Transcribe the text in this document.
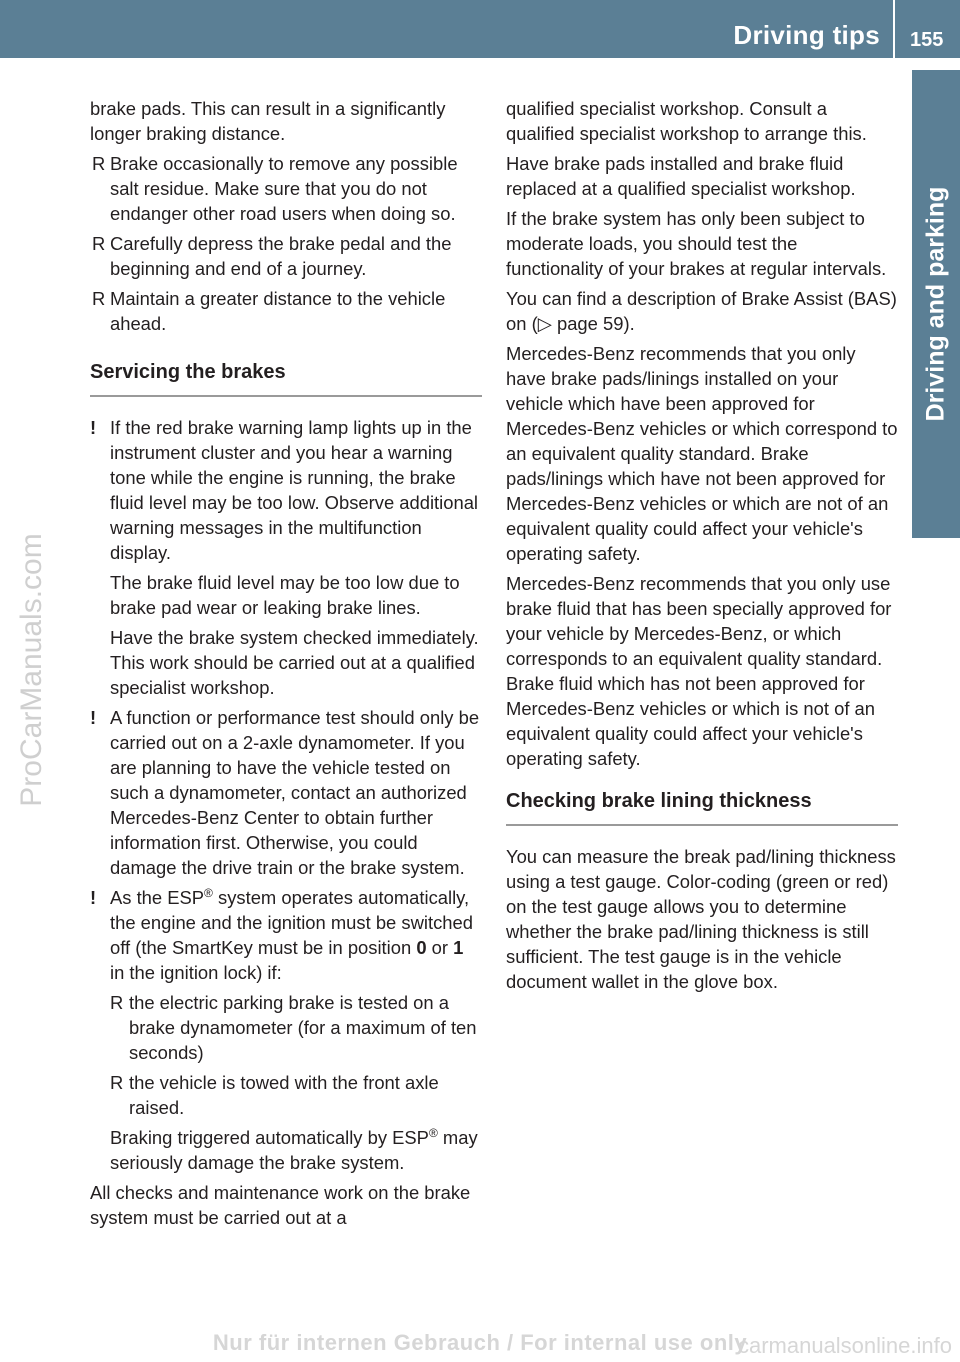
Driving tips 155
Driving and parking
ProCarManuals.com

brake pads. This can result in a significantly longer braking distance.

R Brake occasionally to remove any possible salt residue. Make sure that you do not endanger other road users when doing so.
R Carefully depress the brake pedal and the beginning and end of a journey.
R Maintain a greater distance to the vehicle ahead.
Servicing the brakes
! If the red brake warning lamp lights up in the instrument cluster and you hear a warning tone while the engine is running, the brake fluid level may be too low. Observe additional warning messages in the multifunction display.

The brake fluid level may be too low due to brake pad wear or leaking brake lines.

Have the brake system checked immediately. This work should be carried out at a qualified specialist workshop.

! A function or performance test should only be carried out on a 2-axle dynamometer. If you are planning to have the vehicle tested on such a dynamometer, contact an authorized Mercedes-Benz Center to obtain further information first. Otherwise, you could damage the drive train or the brake system.

! As the ESP® system operates automatically, the engine and the ignition must be switched off (the SmartKey must be in position 0 or 1 in the ignition lock) if:

R the electric parking brake is tested on a brake dynamometer (for a maximum of ten seconds)
R the vehicle is towed with the front axle raised.

Braking triggered automatically by ESP® may seriously damage the brake system.

All checks and maintenance work on the brake system must be carried out at a

qualified specialist workshop. Consult a qualified specialist workshop to arrange this.

Have brake pads installed and brake fluid replaced at a qualified specialist workshop.

If the brake system has only been subject to moderate loads, you should test the functionality of your brakes at regular intervals.

You can find a description of Brake Assist (BAS) on (▷ page 59).

Mercedes-Benz recommends that you only have brake pads/linings installed on your vehicle which have been approved for Mercedes-Benz vehicles or which correspond to an equivalent quality standard. Brake pads/linings which have not been approved for Mercedes-Benz vehicles or which are not of an equivalent quality could affect your vehicle's operating safety.

Mercedes-Benz recommends that you only use brake fluid that has been specially approved for your vehicle by Mercedes-Benz, or which corresponds to an equivalent quality standard. Brake fluid which has not been approved for Mercedes-Benz vehicles or which is not of an equivalent quality could affect your vehicle's operating safety.

Checking brake lining thickness

You can measure the break pad/lining thickness using a test gauge. Color-coding (green or red) on the test gauge allows you to determine whether the brake pad/lining thickness is still sufficient. The test gauge is in the vehicle document wallet in the glove box.

Nur für internen Gebrauch / For internal use only
carmanualsonline.info
